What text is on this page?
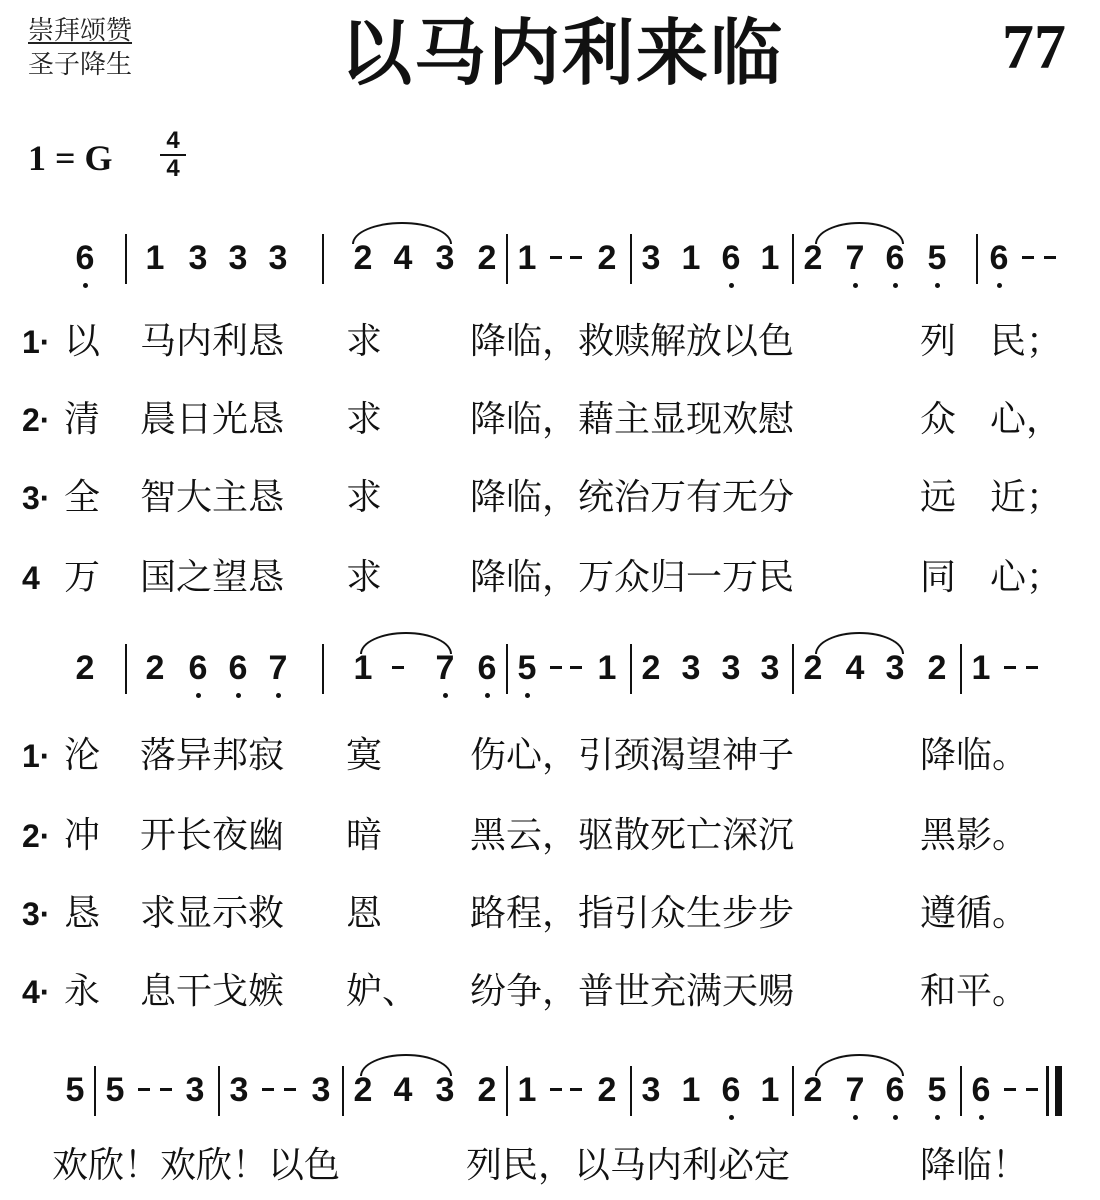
崇拜颂赞
圣子降生	以马内利来临	77
1 = G $\frac{4}{4}$
6 1 3 3 3 2 4 3 2 1 2 3 1 6 1 2 7 6 5 6
1· 以 马内利恳 求 降临，救赎解放以色	列 民；
2· 清 晨日光恳 求 降临，藉主显现欢慰	众 心，
3· 全 智大主恳 求 降临，统治万有无分	远 近；
4 万 国之望恳 求 降临，万众归一万民	同 心；
2 2 6 6 7 1 7 6 5 1 2 3 3 3 2 4 3 2 1
1· 沦 落异邦寂 寞 伤心，引颈渴望神子	降临。
2· 冲 开长夜幽 暗 黑云，驱散死亡深沉	黑影。
3· 恳 求显示救 恩 路程，指引众生步步	遵循。
4· 永 息干戈嫉 妒、 纷争，普世充满天赐	和平。
5 5 3 3 3 2 4 3 2 1 2 3 1 6 1 2 7 6 5 6
欢欣！欢欣！以色	列民，以马内利必定	降临！
